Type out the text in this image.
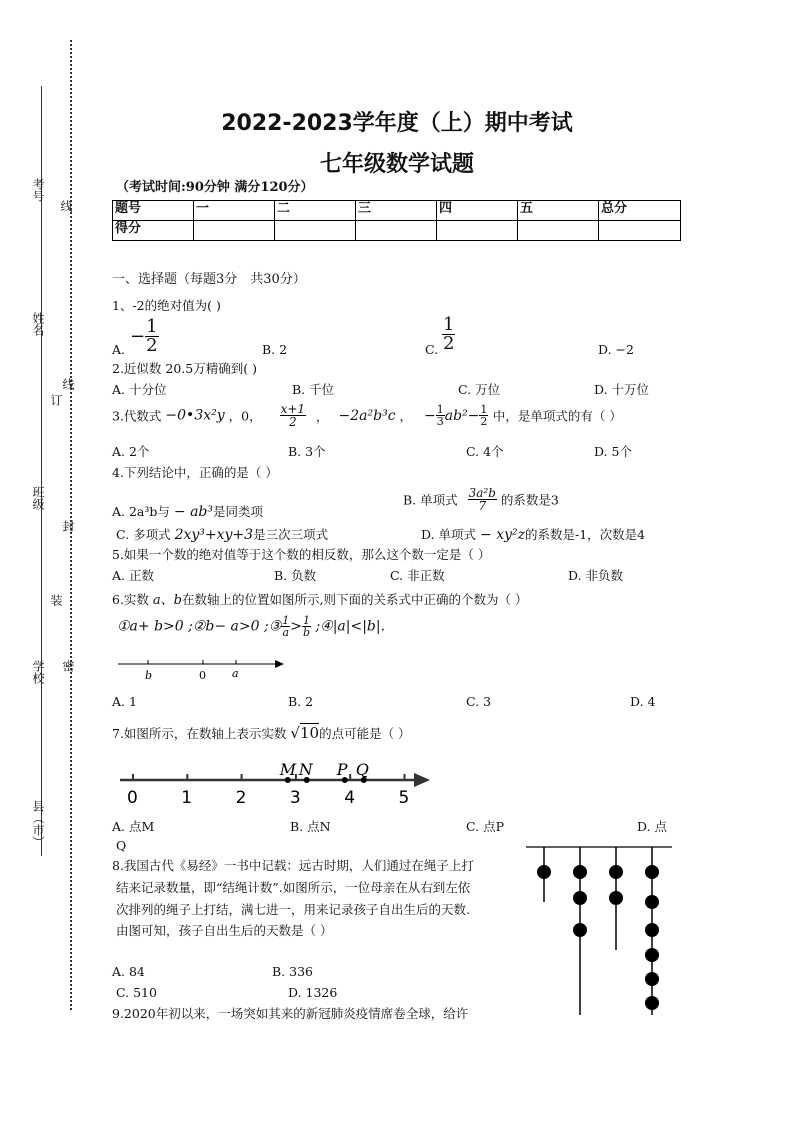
考号
姓名
班级
学校
县（市）
线
订
线
封
装
密
2022-2023学年度（上）期中考试
七年级数学试题
（考试时间:90分钟 满分120分）
题号	一	二	三	四	五	总分
得分						
一、选择题（每题3分　共30分）
1、-2的绝对值为( )
A.
− $\frac{1}{2}$	B. 2	C. $\frac{1}{2}$	D. −2
2.近似数 20.5万精确到( )
A. 十分位	B. 千位	C. 万位	D. 十万位
3.代数式 −0•3x²y ，0， $\frac{x+1}{2}$ ， −2a²b³c ， − $\frac{1}{3} ab^2- \frac{1}{2}$ 中，是单项式的有（ ）
A. 2个	B. 3个	C. 4个	D. 5个
4.下列结论中，正确的是（ ）
A. 2a³b与 − ab³是同类项
B. 单项式 $\frac{\text{3a²b}}{7}$ 的系数是3
C. 多项式 2xy³+xy+3是三次三项式	D. 单项式 − xy²z的系数是-1，次数是4
5.如果一个数的绝对值等于这个数的相反数，那么这个数一定是（ ）
A. 正数	B. 负数	C. 非正数	D. 非负数
6.实数 a、b在数轴上的位置如图所示,则下面的关系式中正确的个数为（ ）
①a+ b>0 ;②b− a>0 ;③ $\frac{1}{a} > \frac{1}{b}$ ;④|a|<|b|.
b	0 a
A. 1	B. 2	C. 3	D. 4
7.如图所示，在数轴上表示实数 √10的点可能是（ ）
0	1	2	3	4	5
M N P Q
A. 点M	B. 点N	C. 点P	D. 点
Q
8.我国古代《易经》一书中记载：远古时期，人们通过在绳子上打
结来记录数量，即“结绳计数”.如图所示，一位母亲在从右到左依
次排列的绳子上打结，满七进一，用来记录孩子自出生后的天数.
由图可知，孩子自出生后的天数是（ ）
A. 84	B. 336
C. 510	D. 1326
9.2020年初以来，一场突如其来的新冠肺炎疫情席卷全球，给许
